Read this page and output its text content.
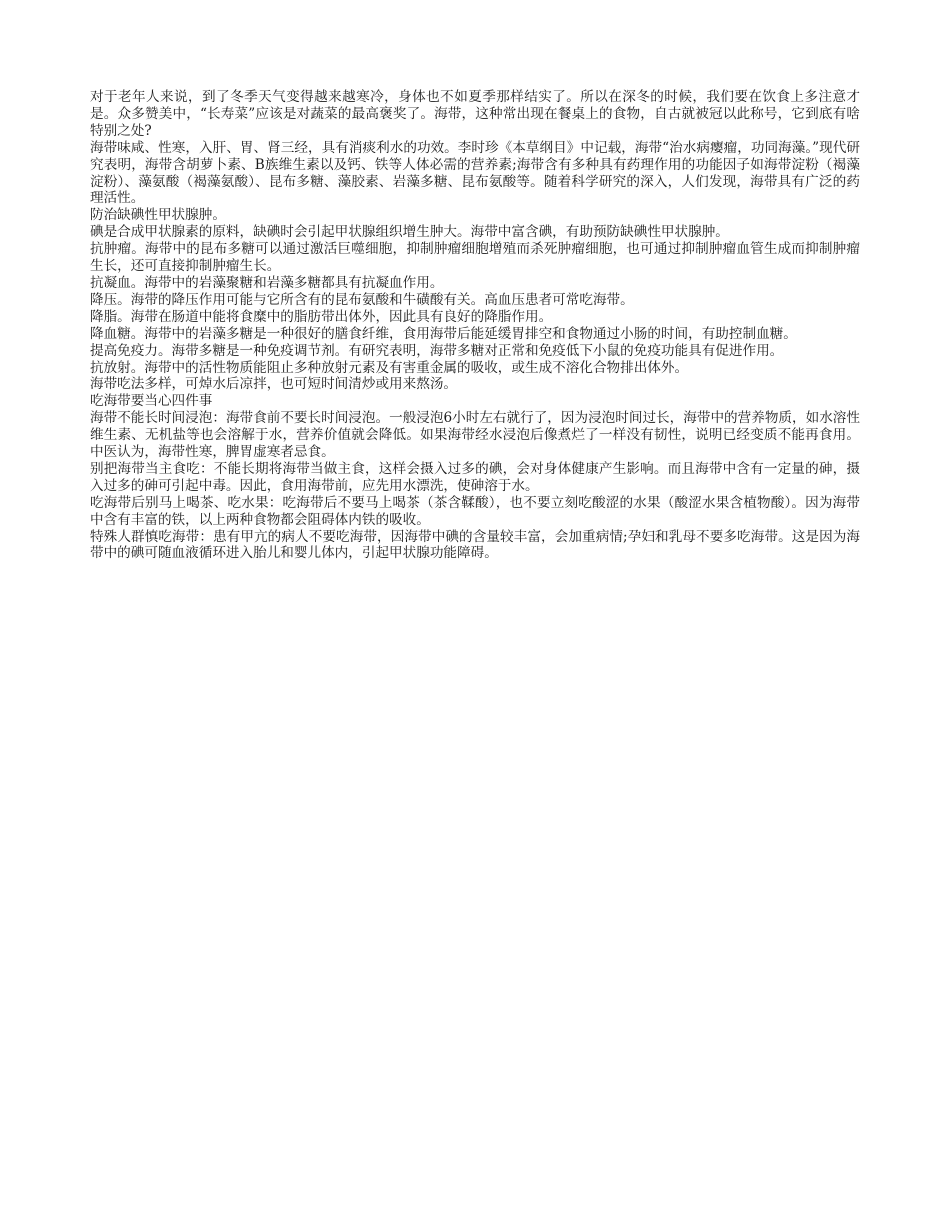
对于老年人来说，到了冬季天气变得越来越寒冷，身体也不如夏季那样结实了。所以在深冬的时候，我们要在饮食上多注意才是。众多赞美中，“长寿菜”应该是对蔬菜的最高褒奖了。海带，这种常出现在餐桌上的食物，自古就被冠以此称号，它到底有啥特别之处?

海带味咸、性寒，入肝、胃、肾三经，具有消痰利水的功效。李时珍《本草纲目》中记载，海带“治水病瘿瘤，功同海藻。”现代研究表明，海带含胡萝卜素、B族维生素以及钙、铁等人体必需的营养素;海带含有多种具有药理作用的功能因子如海带淀粉（褐藻淀粉）、藻氨酸（褐藻氨酸）、昆布多糖、藻胶素、岩藻多糖、昆布氨酸等。随着科学研究的深入，人们发现，海带具有广泛的药理活性。

防治缺碘性甲状腺肿。

碘是合成甲状腺素的原料，缺碘时会引起甲状腺组织增生肿大。海带中富含碘，有助预防缺碘性甲状腺肿。

抗肿瘤。海带中的昆布多糖可以通过激活巨噬细胞，抑制肿瘤细胞增殖而杀死肿瘤细胞，也可通过抑制肿瘤血管生成而抑制肿瘤生长，还可直接抑制肿瘤生长。

抗凝血。海带中的岩藻聚糖和岩藻多糖都具有抗凝血作用。

降压。海带的降压作用可能与它所含有的昆布氨酸和牛磺酸有关。高血压患者可常吃海带。

降脂。海带在肠道中能将食糜中的脂肪带出体外，因此具有良好的降脂作用。

降血糖。海带中的岩藻多糖是一种很好的膳食纤维，食用海带后能延缓胃排空和食物通过小肠的时间，有助控制血糖。

提高免疫力。海带多糖是一种免疫调节剂。有研究表明，海带多糖对正常和免疫低下小鼠的免疫功能具有促进作用。

抗放射。海带中的活性物质能阻止多种放射元素及有害重金属的吸收，或生成不溶化合物排出体外。

海带吃法多样，可焯水后凉拌，也可短时间清炒或用来熬汤。

吃海带要当心四件事

海带不能长时间浸泡：海带食前不要长时间浸泡。一般浸泡6小时左右就行了，因为浸泡时间过长，海带中的营养物质，如水溶性维生素、无机盐等也会溶解于水，营养价值就会降低。如果海带经水浸泡后像煮烂了一样没有韧性，说明已经变质不能再食用。中医认为，海带性寒，脾胃虚寒者忌食。

别把海带当主食吃：不能长期将海带当做主食，这样会摄入过多的碘，会对身体健康产生影响。而且海带中含有一定量的砷，摄入过多的砷可引起中毒。因此，食用海带前，应先用水漂洗，使砷溶于水。

吃海带后别马上喝茶、吃水果：吃海带后不要马上喝茶（茶含鞣酸），也不要立刻吃酸涩的水果（酸涩水果含植物酸）。因为海带中含有丰富的铁，以上两种食物都会阻碍体内铁的吸收。

特殊人群慎吃海带：患有甲亢的病人不要吃海带，因海带中碘的含量较丰富，会加重病情;孕妇和乳母不要多吃海带。这是因为海带中的碘可随血液循环进入胎儿和婴儿体内，引起甲状腺功能障碍。
